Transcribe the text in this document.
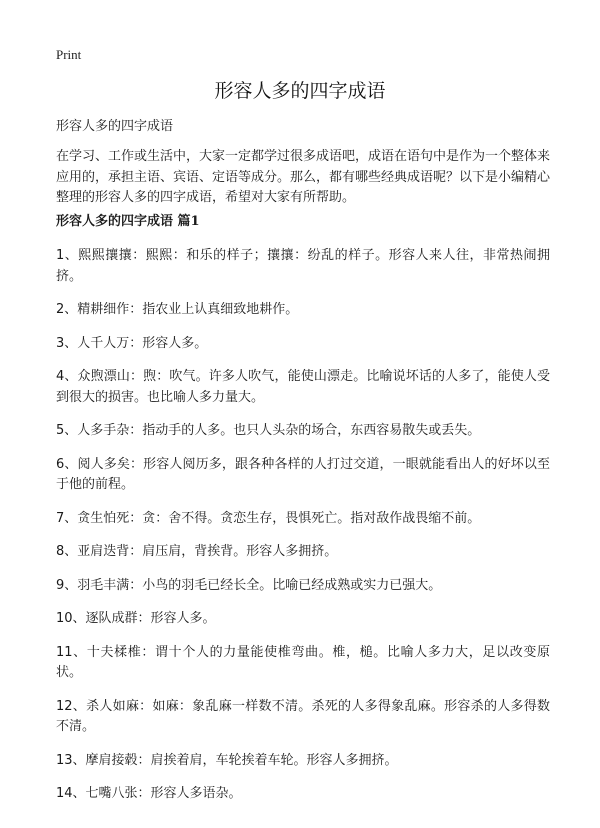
Print
形容人多的四字成语

形容人多的四字成语

在学习、工作或生活中，大家一定都学过很多成语吧，成语在语句中是作为一个整体来应用的，承担主语、宾语、定语等成分。那么，都有哪些经典成语呢？以下是小编精心整理的形容人多的四字成语，希望对大家有所帮助。

形容人多的四字成语 篇1
1、熙熙攘攘：熙熙：和乐的样子；攘攘：纷乱的样子。形容人来人往，非常热闹拥挤。
2、精耕细作：指农业上认真细致地耕作。
3、人千人万：形容人多。
4、众煦漂山：煦：吹气。许多人吹气，能使山漂走。比喻说坏话的人多了，能使人受到很大的损害。也比喻人多力量大。
5、人多手杂：指动手的人多。也只人头杂的场合，东西容易散失或丢失。
6、阅人多矣：形容人阅历多，跟各种各样的人打过交道，一眼就能看出人的好坏以至于他的前程。
7、贪生怕死：贪：舍不得。贪恋生存，畏惧死亡。指对敌作战畏缩不前。
8、亚肩迭背：肩压肩，背挨背。形容人多拥挤。
9、羽毛丰满：小鸟的羽毛已经长全。比喻已经成熟或实力已强大。
10、逐队成群：形容人多。
11、十夫楺椎：谓十个人的力量能使椎弯曲。椎，槌。比喻人多力大，足以改变原状。
12、杀人如麻：如麻：象乱麻一样数不清。杀死的人多得象乱麻。形容杀的人多得数不清。
13、摩肩接毂：肩挨着肩，车轮挨着车轮。形容人多拥挤。
14、七嘴八张：形容人多语杂。
